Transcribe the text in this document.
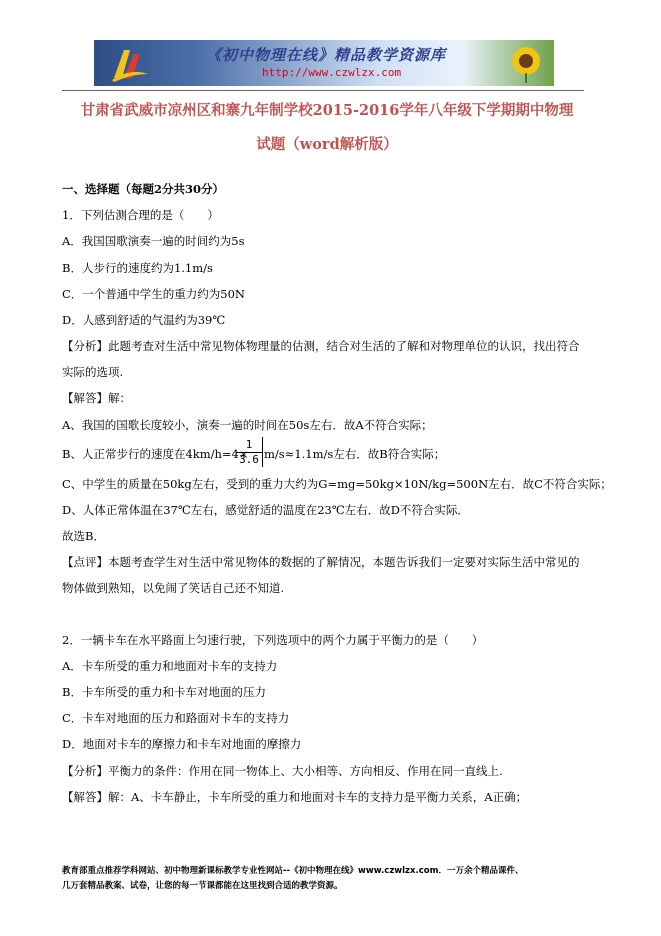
《初中物理在线》精品教学资源库
http://www.czwlzx.com
甘肃省武威市凉州区和寨九年制学校2015-2016学年八年级下学期期中物理
试题（word解析版）
一、选择题（每题2分共30分）
1．下列估测合理的是（　　）
A．我国国歌演奏一遍的时间约为5s
B．人步行的速度约为1.1m/s
C．一个普通中学生的重力约为50N
D．人感到舒适的气温约为39℃
【分析】此题考查对生活中常见物体物理量的估测，结合对生活的了解和对物理单位的认识，找出符合
实际的选项.
【解答】解：
A、我国的国歌长度较小，演奏一遍的时间在50s左右．故A不符合实际；
B、人正常步行的速度在4km/h=4×
$\frac{1}{3.6} m/s\approx 1.1m/s$左右．故B符合实际；
C、中学生的质量在50kg左右，受到的重力大约为G=mg=50kg×10N/kg=500N左右．故C不符合实际；
D、人体正常体温在37℃左右，感觉舒适的温度在23℃左右．故D不符合实际．
故选B．
【点评】本题考查学生对生活中常见物体的数据的了解情况，本题告诉我们一定要对实际生活中常见的
物体做到熟知，以免闹了笑话自己还不知道.
2．一辆卡车在水平路面上匀速行驶，下列选项中的两个力属于平衡力的是（　　）
A．卡车所受的重力和地面对卡车的支持力
B．卡车所受的重力和卡车对地面的压力
C．卡车对地面的压力和路面对卡车的支持力
D．地面对卡车的摩擦力和卡车对地面的摩擦力
【分析】平衡力的条件：作用在同一物体上、大小相等、方向相反、作用在同一直线上.
【解答】解：A、卡车静止，卡车所受的重力和地面对卡车的支持力是平衡力关系，A正确；
教育部重点推荐学科网站、初中物理新课标教学专业性网站--《初中物理在线》www.czwlzx.com．一万余个精品课件、
几万套精品教案、试卷，让您的每一节课都能在这里找到合适的教学资源。
